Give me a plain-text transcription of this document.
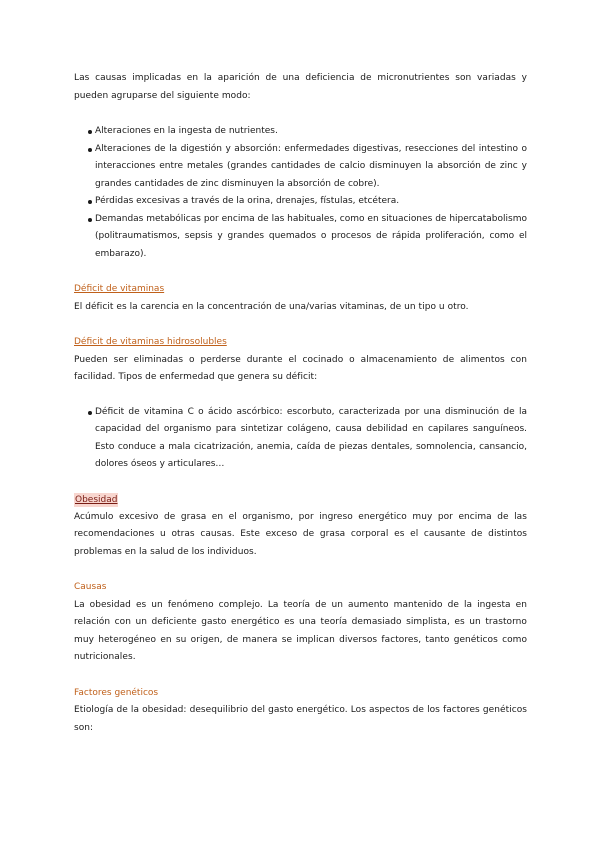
Las causas implicadas en la aparición de una deficiencia de micronutrientes son variadas y pueden agruparse del siguiente modo:

Alteraciones en la ingesta de nutrientes.
Alteraciones de la digestión y absorción: enfermedades digestivas, resecciones del intestino o interacciones entre metales (grandes cantidades de calcio disminuyen la absorción de zinc y grandes cantidades de zinc disminuyen la absorción de cobre).
Pérdidas excesivas a través de la orina, drenajes, fístulas, etcétera.
Demandas metabólicas por encima de las habituales, como en situaciones de hipercatabolismo (politraumatismos, sepsis y grandes quemados o procesos de rápida proliferación, como el embarazo).
Déficit de vitaminas

El déficit es la carencia en la concentración de una/varias vitaminas, de un tipo u otro.

Déficit de vitaminas hidrosolubles

Pueden ser eliminadas o perderse durante el cocinado o almacenamiento de alimentos con facilidad. Tipos de enfermedad que genera su déficit:

Déficit de vitamina C o ácido ascórbico: escorbuto, caracterizada por una disminución de la capacidad del organismo para sintetizar colágeno, causa debilidad en capilares sanguíneos. Esto conduce a mala cicatrización, anemia, caída de piezas dentales, somnolencia, cansancio, dolores óseos y articulares…
Obesidad

Acúmulo excesivo de grasa en el organismo, por ingreso energético muy por encima de las recomendaciones u otras causas. Este exceso de grasa corporal es el causante de distintos problemas en la salud de los individuos.

Causas

La obesidad es un fenómeno complejo. La teoría de un aumento mantenido de la ingesta en relación con un deficiente gasto energético es una teoría demasiado simplista, es un trastorno muy heterogéneo en su origen, de manera se implican diversos factores, tanto genéticos como nutricionales.

Factores genéticos

Etiología de la obesidad: desequilibrio del gasto energético. Los aspectos de los factores genéticos son:
